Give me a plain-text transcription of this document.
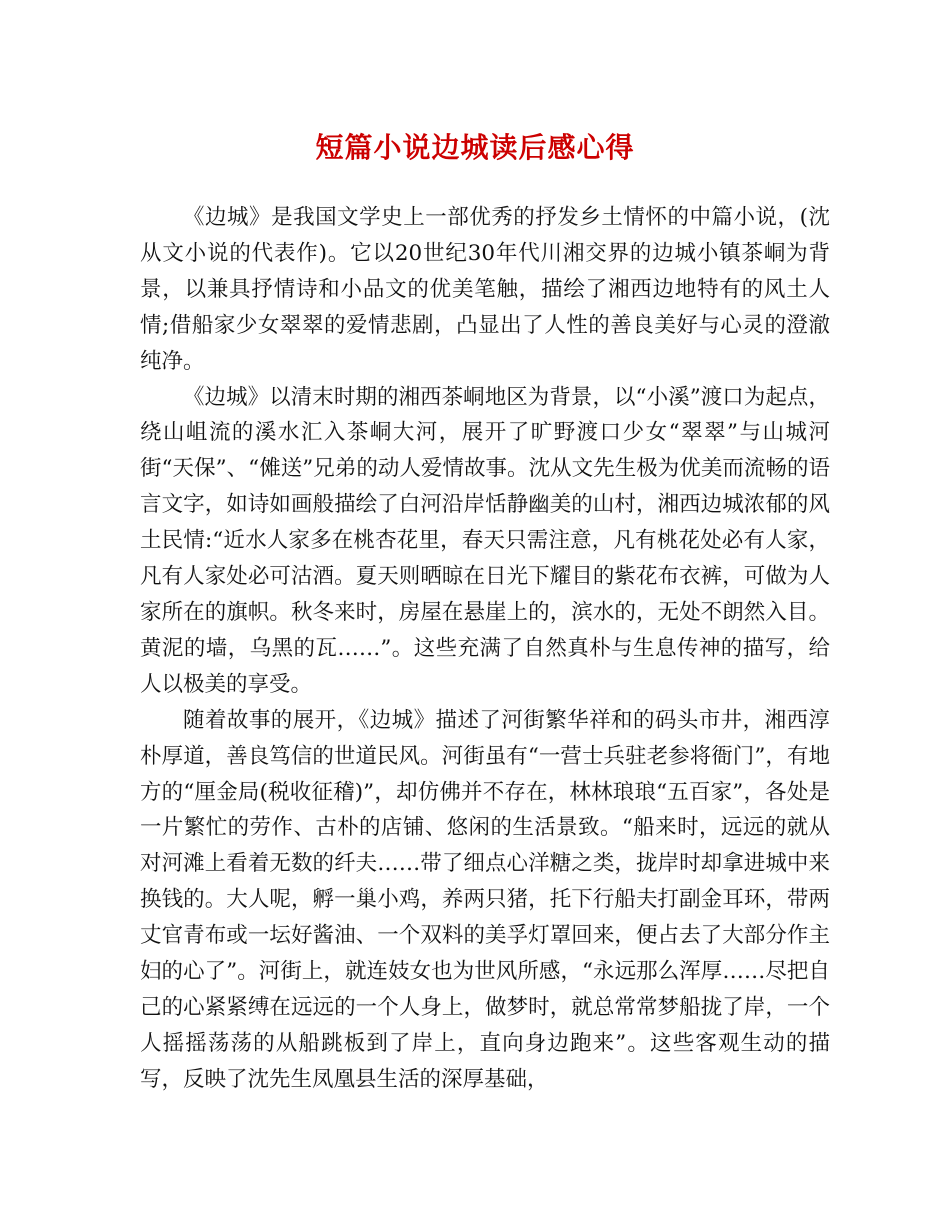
短篇小说边城读后感心得

《边城》是我国文学史上一部优秀的抒发乡土情怀的中篇小说，(沈从文小说的代表作)。它以20世纪30年代川湘交界的边城小镇茶峒为背景，以兼具抒情诗和小品文的优美笔触，描绘了湘西边地特有的风土人情;借船家少女翠翠的爱情悲剧，凸显出了人性的善良美好与心灵的澄澈纯净。

《边城》以清末时期的湘西茶峒地区为背景，以“小溪”渡口为起点，绕山岨流的溪水汇入茶峒大河，展开了旷野渡口少女“翠翠”与山城河街“天保”、“傩送”兄弟的动人爱情故事。沈从文先生极为优美而流畅的语言文字，如诗如画般描绘了白河沿岸恬静幽美的山村，湘西边城浓郁的风土民情:“近水人家多在桃杏花里，春天只需注意，凡有桃花处必有人家，凡有人家处必可沽酒。夏天则晒晾在日光下耀目的紫花布衣裤，可做为人家所在的旗帜。秋冬来时，房屋在悬崖上的，滨水的，无处不朗然入目。黄泥的墙，乌黑的瓦……”。这些充满了自然真朴与生息传神的描写，给人以极美的享受。

随着故事的展开，《边城》描述了河街繁华祥和的码头市井，湘西淳朴厚道，善良笃信的世道民风。河街虽有“一营士兵驻老参将衙门”，有地方的“厘金局(税收征稽)”，却仿佛并不存在，林林琅琅“五百家”，各处是一片繁忙的劳作、古朴的店铺、悠闲的生活景致。“船来时，远远的就从对河滩上看着无数的纤夫……带了细点心洋糖之类，拢岸时却拿进城中来换钱的。大人呢，孵一巢小鸡，养两只猪，托下行船夫打副金耳环，带两丈官青布或一坛好酱油、一个双料的美孚灯罩回来，便占去了大部分作主妇的心了”。河街上，就连妓女也为世风所感，“永远那么浑厚……尽把自己的心紧紧缚在远远的一个人身上，做梦时，就总常常梦船拢了岸，一个人摇摇荡荡的从船跳板到了岸上，直向身边跑来”。这些客观生动的描写，反映了沈先生凤凰县生活的深厚基础，
